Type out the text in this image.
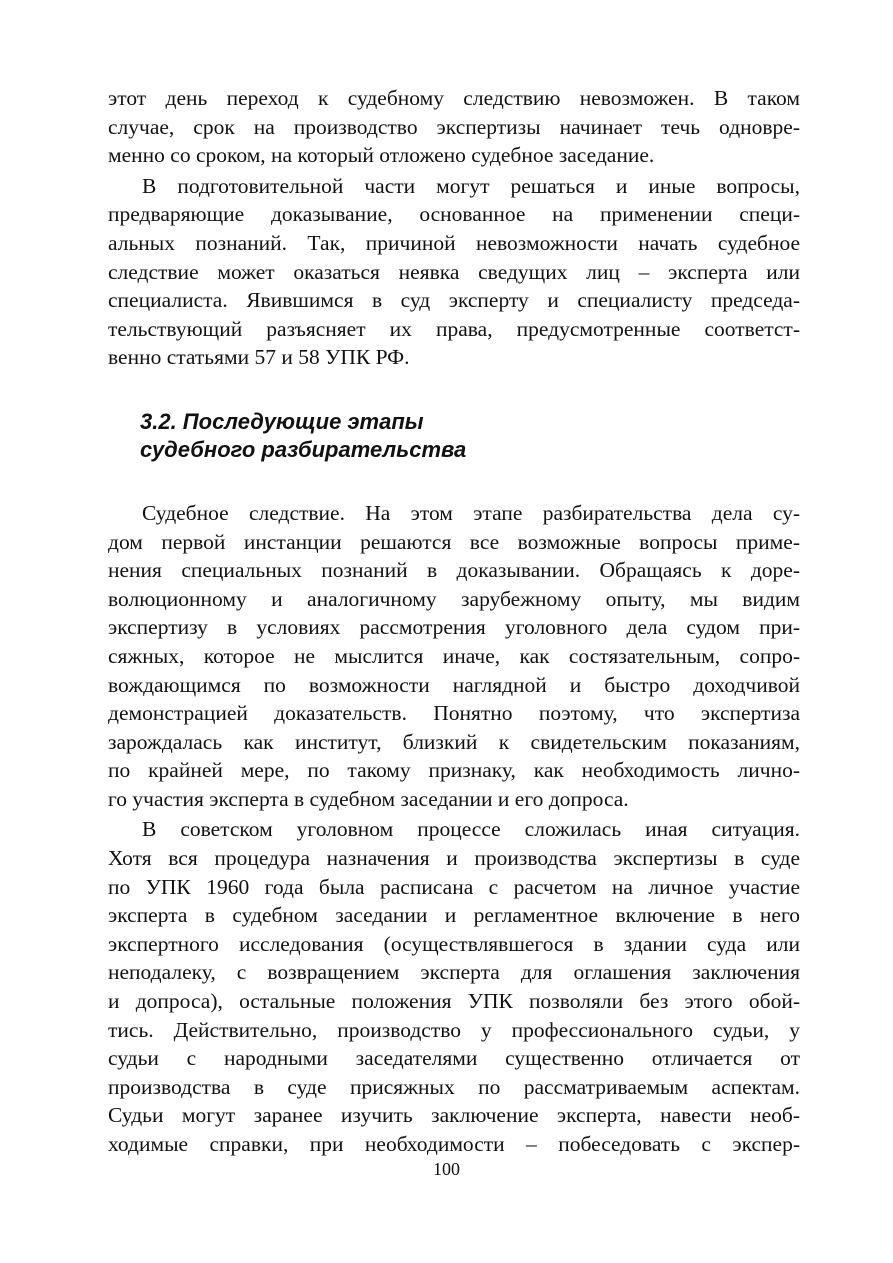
этот день переход к судебному следствию невозможен. В таком
случае, срок на производство экспертизы начинает течь одновре-
менно со сроком, на который отложено судебное заседание.

В подготовительной части могут решаться и иные вопросы,
предваряющие доказывание, основанное на применении специ-
альных познаний. Так, причиной невозможности начать судебное
следствие может оказаться неявка сведущих лиц – эксперта или
специалиста. Явившимся в суд эксперту и специалисту председа-
тельствующий разъясняет их права, предусмотренные соответст-
венно статьями 57 и 58 УПК РФ.

3.2. Последующие этапы
судебного разбирательства

Судебное следствие. На этом этапе разбирательства дела су-
дом первой инстанции решаются все возможные вопросы приме-
нения специальных познаний в доказывании. Обращаясь к доре-
волюционному и аналогичному зарубежному опыту, мы видим
экспертизу в условиях рассмотрения уголовного дела судом при-
сяжных, которое не мыслится иначе, как состязательным, сопро-
вождающимся по возможности наглядной и быстро доходчивой
демонстрацией доказательств. Понятно поэтому, что экспертиза
зарождалась как институт, близкий к свидетельским показаниям,
по крайней мере, по такому признаку, как необходимость лично-
го участия эксперта в судебном заседании и его допроса.

В советском уголовном процессе сложилась иная ситуация.
Хотя вся процедура назначения и производства экспертизы в суде
по УПК 1960 года была расписана с расчетом на личное участие
эксперта в судебном заседании и регламентное включение в него
экспертного исследования (осуществлявшегося в здании суда или
неподалеку, с возвращением эксперта для оглашения заключения
и допроса), остальные положения УПК позволяли без этого обой-
тись. Действительно, производство у профессионального судьи, у
судьи с народными заседателями существенно отличается от
производства в суде присяжных по рассматриваемым аспектам.
Судьи могут заранее изучить заключение эксперта, навести необ-
ходимые справки, при необходимости – побеседовать с экспер-

100
